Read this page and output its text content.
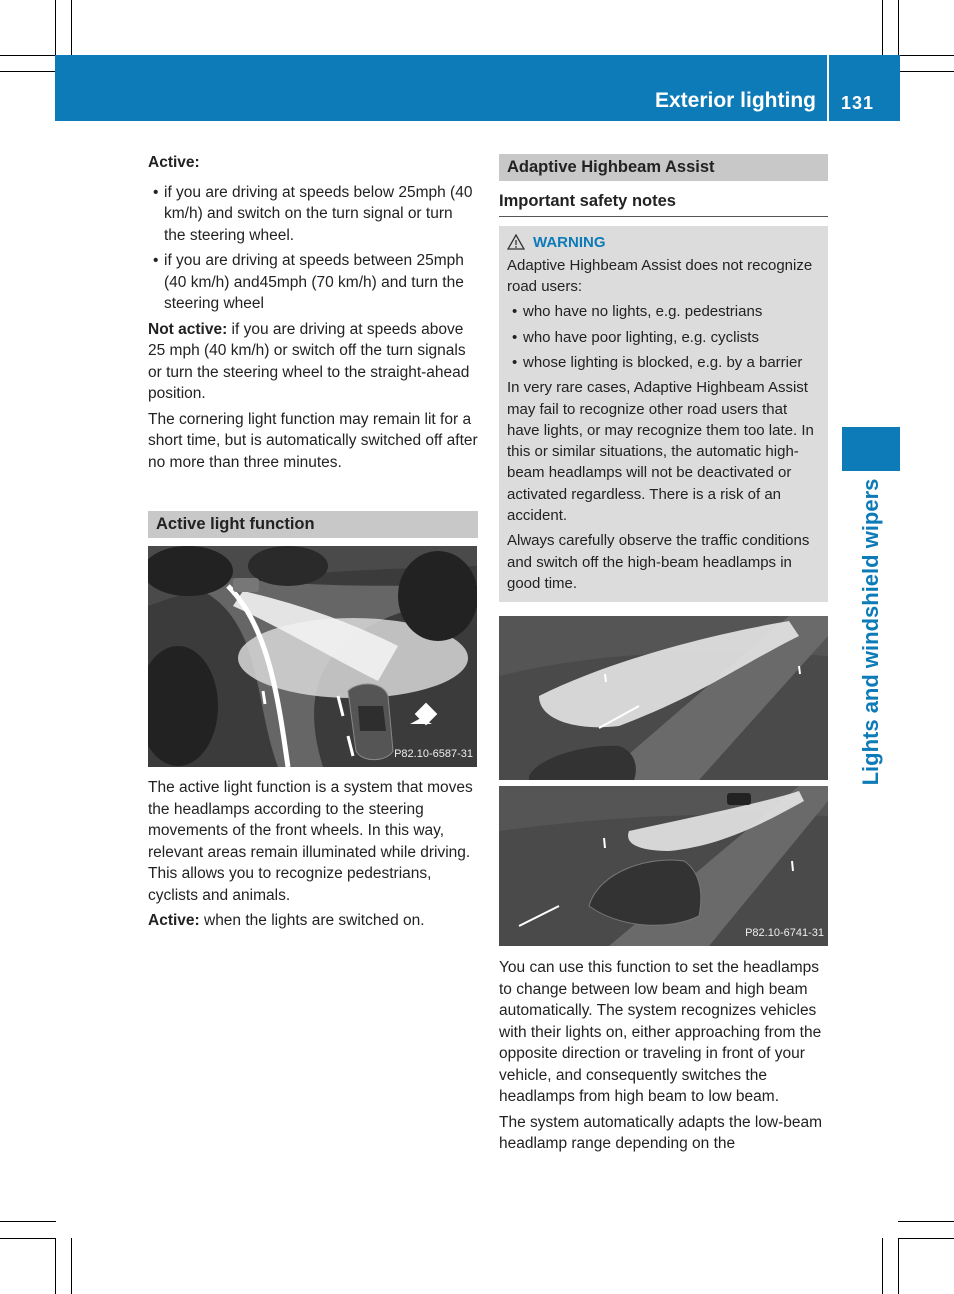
Exterior lighting 131
Lights and windshield wipers

Active:

• if you are driving at speeds below 25mph (40 km/h) and switch on the turn signal or turn the steering wheel.
• if you are driving at speeds between 25mph (40 km/h) and45mph (70 km/h) and turn the steering wheel

Not active: if you are driving at speeds above 25 mph (40 km/h) or switch off the turn signals or turn the steering wheel to the straight-ahead position.

The cornering light function may remain lit for a short time, but is automatically switched off after no more than three minutes.

Active light function
P82.10-6587-31

The active light function is a system that moves the headlamps according to the steering movements of the front wheels. In this way, relevant areas remain illuminated while driving. This allows you to recognize pedestrians, cyclists and animals.

Active: when the lights are switched on.

Adaptive Highbeam Assist
Important safety notes
WARNING

Adaptive Highbeam Assist does not recognize road users:

• who have no lights, e.g. pedestrians
• who have poor lighting, e.g. cyclists
• whose lighting is blocked, e.g. by a barrier

In very rare cases, Adaptive Highbeam Assist may fail to recognize other road users that have lights, or may recognize them too late. In this or similar situations, the automatic high-beam headlamps will not be deactivated or activated regardless. There is a risk of an accident.

Always carefully observe the traffic conditions and switch off the high-beam headlamps in good time.

P82.10-6741-31

You can use this function to set the headlamps to change between low beam and high beam automatically. The system recognizes vehicles with their lights on, either approaching from the opposite direction or traveling in front of your vehicle, and consequently switches the headlamps from high beam to low beam.

The system automatically adapts the low-beam headlamp range depending on the
